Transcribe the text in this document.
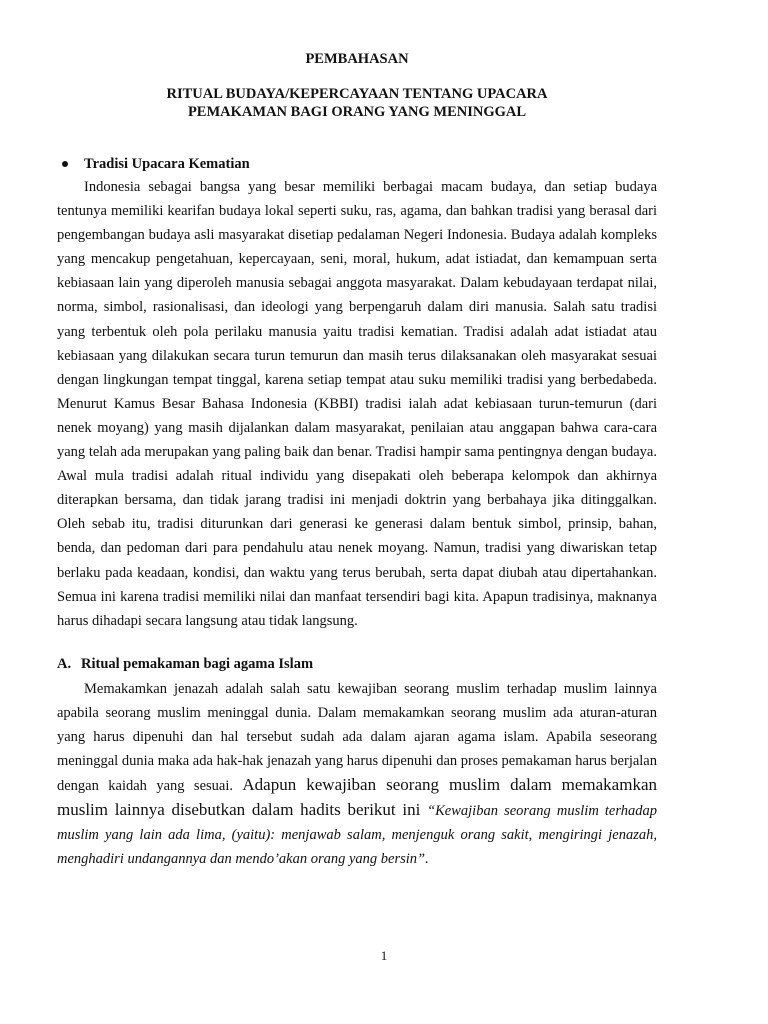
PEMBAHASAN

RITUAL BUDAYA/KEPERCAYAAN TENTANG UPACARA

PEMAKAMAN BAGI ORANG YANG MENINGGAL

Tradisi Upacara Kematian

Indonesia sebagai bangsa yang besar memiliki berbagai macam budaya, dan setiap budaya tentunya memiliki kearifan budaya lokal seperti suku, ras, agama, dan bahkan tradisi yang berasal dari pengembangan budaya asli masyarakat disetiap pedalaman Negeri Indonesia. Budaya adalah kompleks yang mencakup pengetahuan, kepercayaan, seni, moral, hukum, adat istiadat, dan kemampuan serta kebiasaan lain yang diperoleh manusia sebagai anggota masyarakat. Dalam kebudayaan terdapat nilai, norma, simbol, rasionalisasi, dan ideologi yang berpengaruh dalam diri manusia. Salah satu tradisi yang terbentuk oleh pola perilaku manusia yaitu tradisi kematian. Tradisi adalah adat istiadat atau kebiasaan yang dilakukan secara turun temurun dan masih terus dilaksanakan oleh masyarakat sesuai dengan lingkungan tempat tinggal, karena setiap tempat atau suku memiliki tradisi yang berbedabeda. Menurut Kamus Besar Bahasa Indonesia (KBBI) tradisi ialah adat kebiasaan turun-temurun (dari nenek moyang) yang masih dijalankan dalam masyarakat, penilaian atau anggapan bahwa cara-cara yang telah ada merupakan yang paling baik dan benar. Tradisi hampir sama pentingnya dengan budaya. Awal mula tradisi adalah ritual individu yang disepakati oleh beberapa kelompok dan akhirnya diterapkan bersama, dan tidak jarang tradisi ini menjadi doktrin yang berbahaya jika ditinggalkan. Oleh sebab itu, tradisi diturunkan dari generasi ke generasi dalam bentuk simbol, prinsip, bahan, benda, dan pedoman dari para pendahulu atau nenek moyang. Namun, tradisi yang diwariskan tetap berlaku pada keadaan, kondisi, dan waktu yang terus berubah, serta dapat diubah atau dipertahankan. Semua ini karena tradisi memiliki nilai dan manfaat tersendiri bagi kita. Apapun tradisinya, maknanya harus dihadapi secara langsung atau tidak langsung.

A. Ritual pemakaman bagi agama Islam

Memakamkan jenazah adalah salah satu kewajiban seorang muslim terhadap muslim lainnya apabila seorang muslim meninggal dunia. Dalam memakamkan seorang muslim ada aturan-aturan yang harus dipenuhi dan hal tersebut sudah ada dalam ajaran agama islam. Apabila seseorang meninggal dunia maka ada hak-hak jenazah yang harus dipenuhi dan proses pemakaman harus berjalan dengan kaidah yang sesuai. Adapun kewajiban seorang muslim dalam memakamkan muslim lainnya disebutkan dalam hadits berikut ini “Kewajiban seorang muslim terhadap muslim yang lain ada lima, (yaitu): menjawab salam, menjenguk orang sakit, mengiringi jenazah, menghadiri undangannya dan mendo’akan orang yang bersin”.

1
